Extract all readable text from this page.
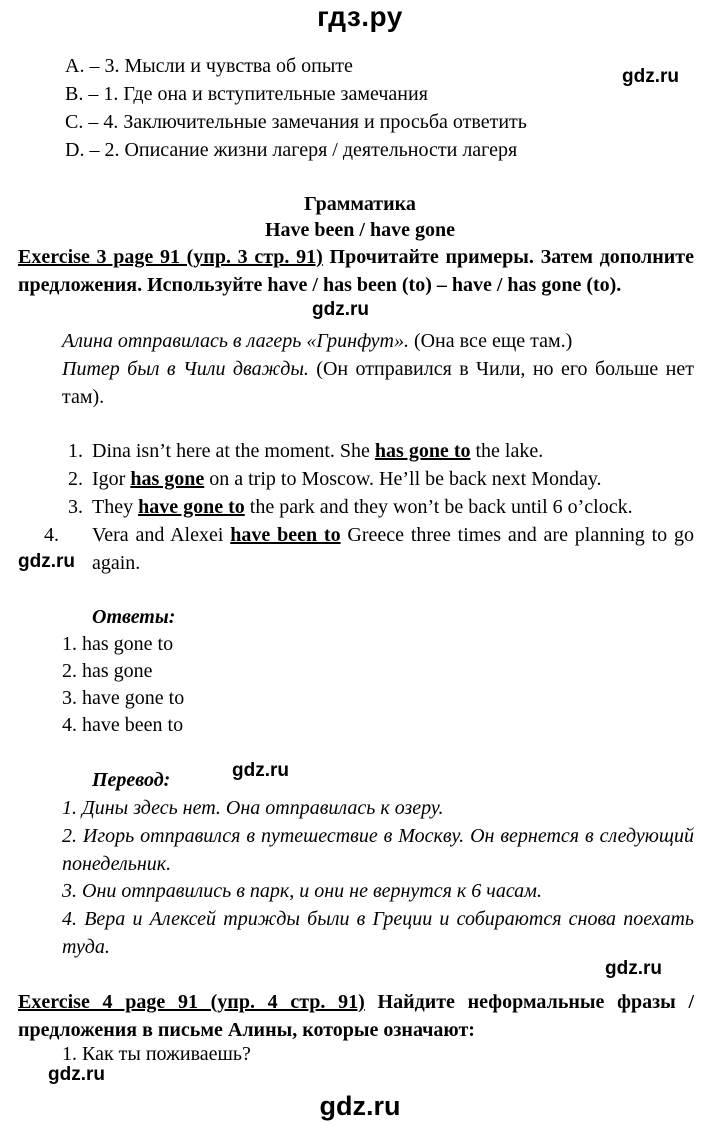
гдз.ру
gdz.ru
gdz.ru
gdz.ru
gdz.ru
gdz.ru
gdz.ru
A. – 3. Мысли и чувства об опыте
B. – 1. Где она и вступительные замечания
C. – 4. Заключительные замечания и просьба ответить
D. – 2. Описание жизни лагеря / деятельности лагеря
Грамматика
Have been / have gone
Exercise 3 page 91 (упр. 3 стр. 91) Прочитайте примеры. Затем дополните предложения. Используйте have / has been (to) – have / has gone (to).
Алина отправилась в лагерь «Гринфут». (Она все еще там.)
Питер был в Чили дважды. (Он отправился в Чили, но его больше нет там).
1. Dina isn’t here at the moment. She has gone to the lake.
2. Igor has gone on a trip to Moscow. He’ll be back next Monday.
3. They have gone to the park and they won’t be back until 6 o’clock.
4. Vera and Alexei have been to Greece three times and are planning to go again.
Ответы:
1. has gone to
2. has gone
3. have gone to
4. have been to
Перевод:
1. Дины здесь нет. Она отправилась к озеру.
2. Игорь отправился в путешествие в Москву. Он вернется в следующий понедельник.
3. Они отправились в парк, и они не вернутся к 6 часам.
4. Вера и Алексей трижды были в Греции и собираются снова поехать туда.
Exercise 4 page 91 (упр. 4 стр. 91) Найдите неформальные фразы / предложения в письме Алины, которые означают:
1. Как ты поживаешь?
gdz.ru
